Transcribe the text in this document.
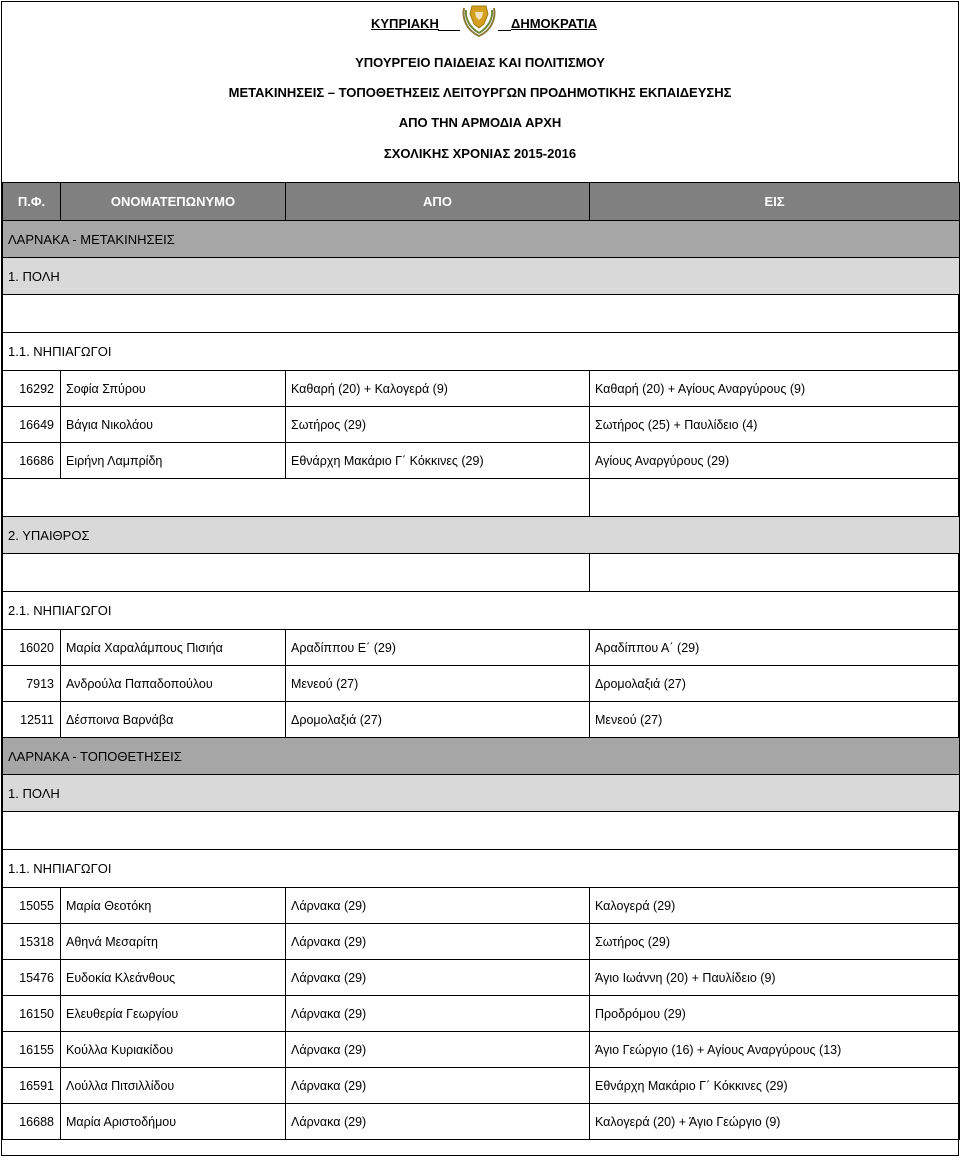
ΚΥΠΡΙΑΚΗ	ΔΗΜΟΚΡΑΤΙΑ
ΥΠΟΥΡΓΕΙΟ ΠΑΙΔΕΙΑΣ ΚΑΙ ΠΟΛΙΤΙΣΜΟΥ
ΜΕΤΑΚΙΝΗΣΕΙΣ – ΤΟΠΟΘΕΤΗΣΕΙΣ ΛΕΙΤΟΥΡΓΩΝ ΠΡΟΔΗΜΟΤΙΚΗΣ ΕΚΠΑΙΔΕΥΣΗΣ
ΑΠΟ ΤΗΝ ΑΡΜΟΔΙΑ ΑΡΧΗ
ΣΧΟΛΙΚΗΣ ΧΡΟΝΙΑΣ 2015-2016
Π.Φ.	ΟΝΟΜΑΤΕΠΩΝΥΜΟ	ΑΠΟ	ΕΙΣ
ΛΑΡΝΑΚΑ - ΜΕΤΑΚΙΝΗΣΕΙΣ			
1. ΠΟΛΗ			

1.1. ΝΗΠΙΑΓΩΓΟΙ			
16292	Σοφία Σπύρου	Καθαρή (20) + Καλογερά (9)	Καθαρή (20) + Αγίους Αναργύρους (9)
16649	Βάγια Νικολάου	Σωτήρος (29)	Σωτήρος (25) + Παυλίδειο (4)
16686	Ειρήνη Λαμπρίδη	Εθνάρχη Μακάριο Γ΄ Κόκκινες (29)	Αγίους Αναργύρους (29)

2. ΥΠΑΙΘΡΟΣ			

2.1. ΝΗΠΙΑΓΩΓΟΙ			
16020	Μαρία Χαραλάμπους Πισιήα	Αραδίππου Ε΄ (29)	Αραδίππου Α΄ (29)
7913	Ανδρούλα Παπαδοπούλου	Μενεού (27)	Δρομολαξιά (27)
12511	Δέσποινα Βαρνάβα	Δρομολαξιά (27)	Μενεού (27)
ΛΑΡΝΑΚΑ - ΤΟΠΟΘΕΤΗΣΕΙΣ			
1. ΠΟΛΗ			

1.1. ΝΗΠΙΑΓΩΓΟΙ			
15055	Μαρία Θεοτόκη	Λάρνακα (29)	Καλογερά (29)
15318	Αθηνά Μεσαρίτη	Λάρνακα (29)	Σωτήρος (29)
15476	Ευδοκία Κλεάνθους	Λάρνακα (29)	Άγιο Ιωάννη (20) + Παυλίδειο (9)
16150	Ελευθερία Γεωργίου	Λάρνακα (29)	Προδρόμου (29)
16155	Κούλλα Κυριακίδου	Λάρνακα (29)	Άγιο Γεώργιο (16) + Αγίους Αναργύρους (13)
16591	Λούλλα Πιτσιλλίδου	Λάρνακα (29)	Εθνάρχη Μακάριο Γ΄ Κόκκινες (29)
16688	Μαρία Αριστοδήμου	Λάρνακα (29)	Καλογερά (20) + Άγιο Γεώργιο (9)
